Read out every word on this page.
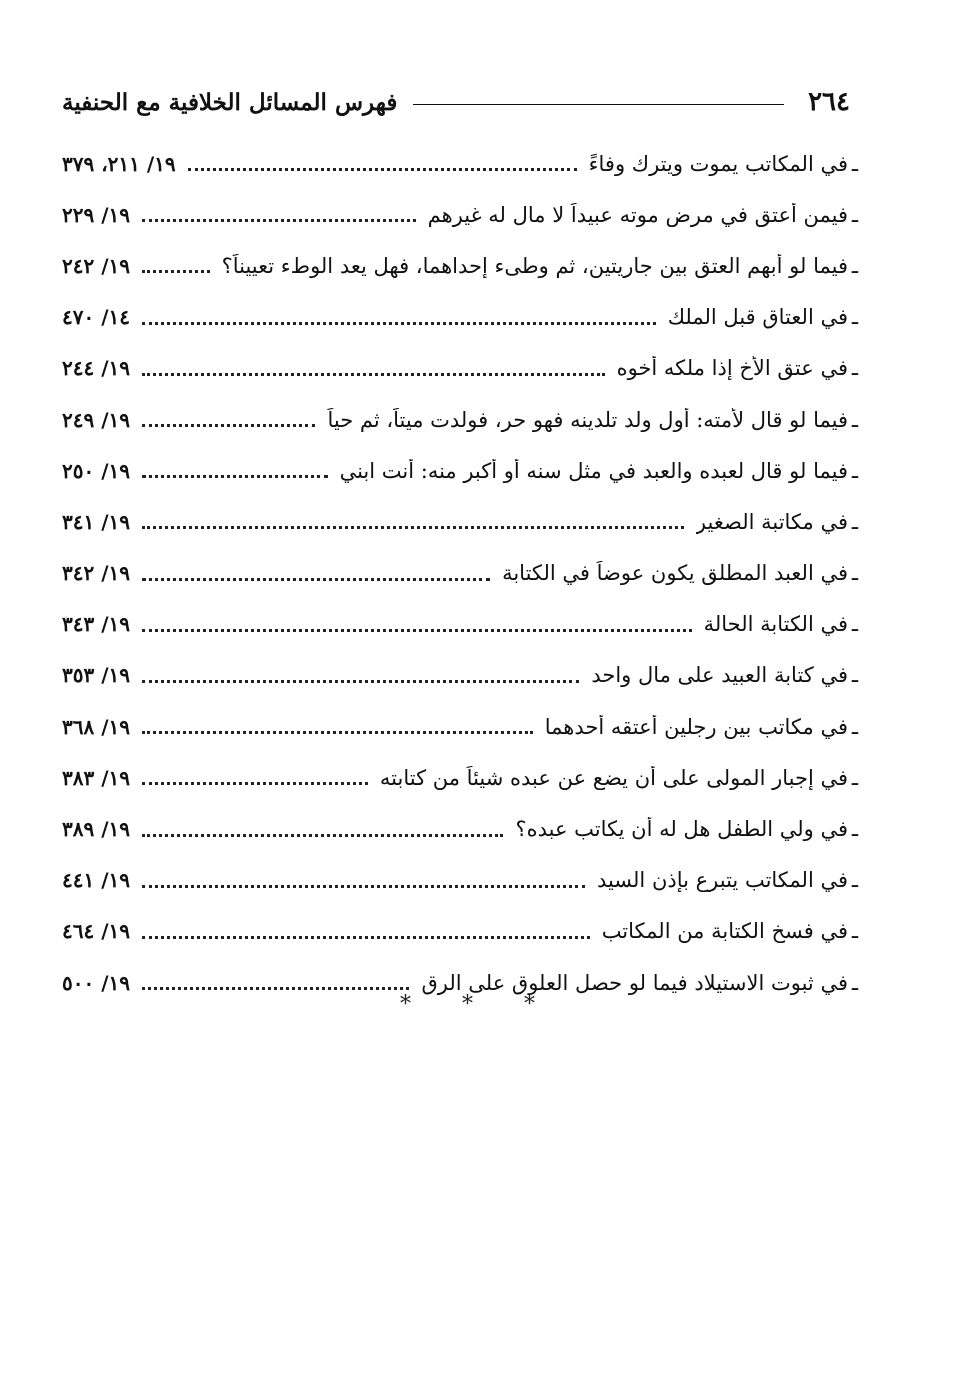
٢٦٤
فهرس المسائل الخلافية مع الحنفية
ـ
في المكاتب يموت ويترك وفاءً
١٩/ ٢١١، ٣٧٩
ـ
فيمن أعتق في مرض موته عبيداً لا مال له غيرهم
١٩/ ٢٢٩
ـ
فيما لو أبهم العتق بين جاريتين، ثم وطىء إحداهما، فهل يعد الوطء تعييناً؟
١٩/ ٢٤٢
ـ
في العتاق قبل الملك
١٤/ ٤٧٠
ـ
في عتق الأخ إذا ملكه أخوه
١٩/ ٢٤٤
ـ
فيما لو قال لأمته: أول ولد تلدينه فهو حر، فولدت ميتاً، ثم حياً
١٩/ ٢٤٩
ـ
فيما لو قال لعبده والعبد في مثل سنه أو أكبر منه: أنت ابني
١٩/ ٢٥٠
ـ
في مكاتبة الصغير
١٩/ ٣٤١
ـ
في العبد المطلق يكون عوضاً في الكتابة
١٩/ ٣٤٢
ـ
في الكتابة الحالة
١٩/ ٣٤٣
ـ
في كتابة العبيد على مال واحد
١٩/ ٣٥٣
ـ
في مكاتب بين رجلين أعتقه أحدهما
١٩/ ٣٦٨
ـ
في إجبار المولى على أن يضع عن عبده شيئاً من كتابته
١٩/ ٣٨٣
ـ
في ولي الطفل هل له أن يكاتب عبده؟
١٩/ ٣٨٩
ـ
في المكاتب يتبرع بإذن السيد
١٩/ ٤٤١
ـ
في فسخ الكتابة من المكاتب
١٩/ ٤٦٤
ـ
في ثبوت الاستيلاد فيما لو حصل العلوق على الرق
١٩/ ٥٠٠
* * *
